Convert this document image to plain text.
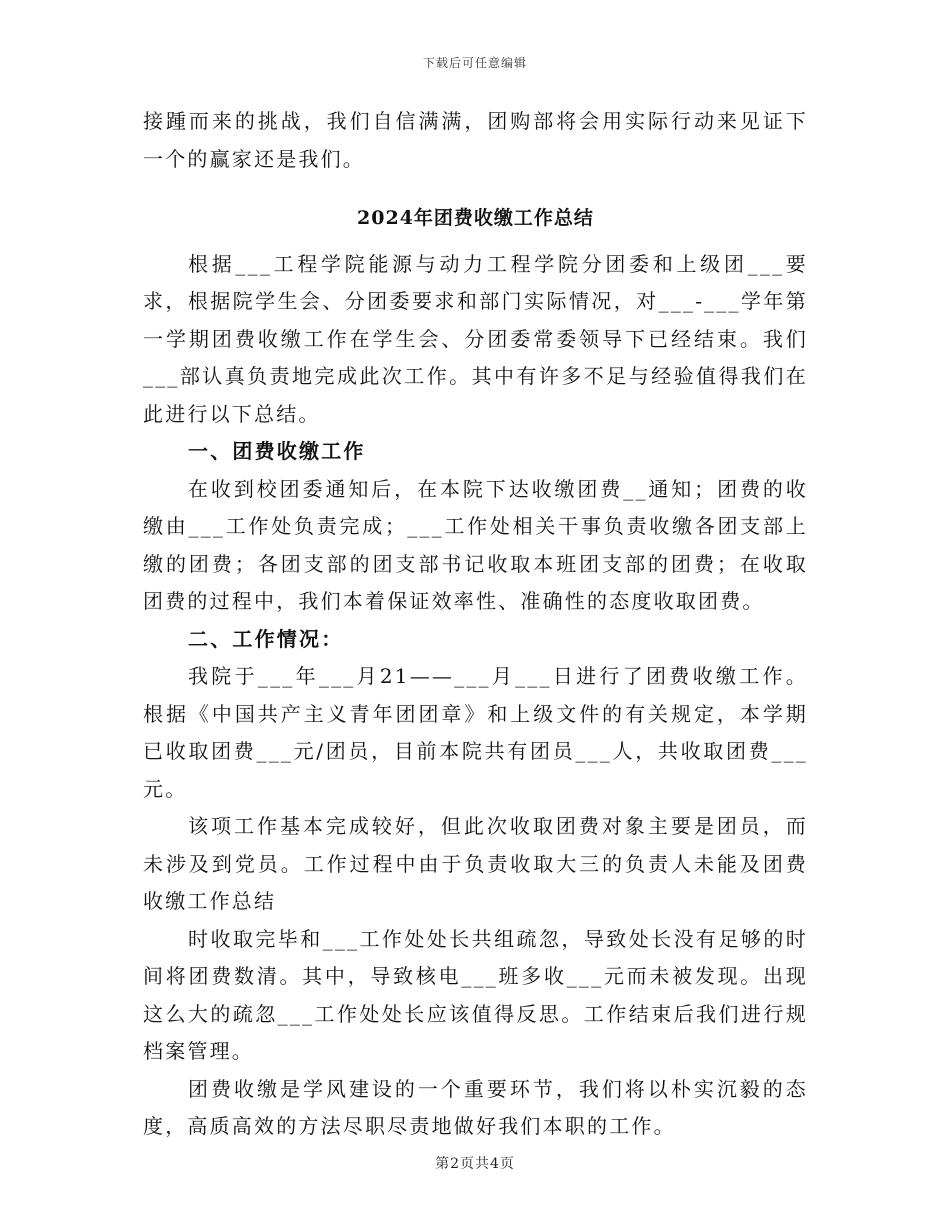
下载后可任意编辑

接踵而来的挑战，我们自信满满，团购部将会用实际行动来见证下一个的赢家还是我们。

2024年团费收缴工作总结

根据___工程学院能源与动力工程学院分团委和上级团___要求，根据院学生会、分团委要求和部门实际情况，对___-___学年第一学期团费收缴工作在学生会、分团委常委领导下已经结束。我们___部认真负责地完成此次工作。其中有许多不足与经验值得我们在此进行以下总结。

一、团费收缴工作

在收到校团委通知后，在本院下达收缴团费__通知；团费的收缴由___工作处负责完成；___工作处相关干事负责收缴各团支部上缴的团费；各团支部的团支部书记收取本班团支部的团费；在收取团费的过程中，我们本着保证效率性、准确性的态度收取团费。

二、工作情况：

我院于___年___月21——___月___日进行了团费收缴工作。根据《中国共产主义青年团团章》和上级文件的有关规定，本学期已收取团费___元/团员，目前本院共有团员___人，共收取团费___元。

该项工作基本完成较好，但此次收取团费对象主要是团员，而未涉及到党员。工作过程中由于负责收取大三的负责人未能及团费收缴工作总结

时收取完毕和___工作处处长共组疏忽，导致处长没有足够的时间将团费数清。其中，导致核电___班多收___元而未被发现。出现这么大的疏忽___工作处处长应该值得反思。工作结束后我们进行规档案管理。

团费收缴是学风建设的一个重要环节，我们将以朴实沉毅的态度，高质高效的方法尽职尽责地做好我们本职的工作。

第2页共4页
